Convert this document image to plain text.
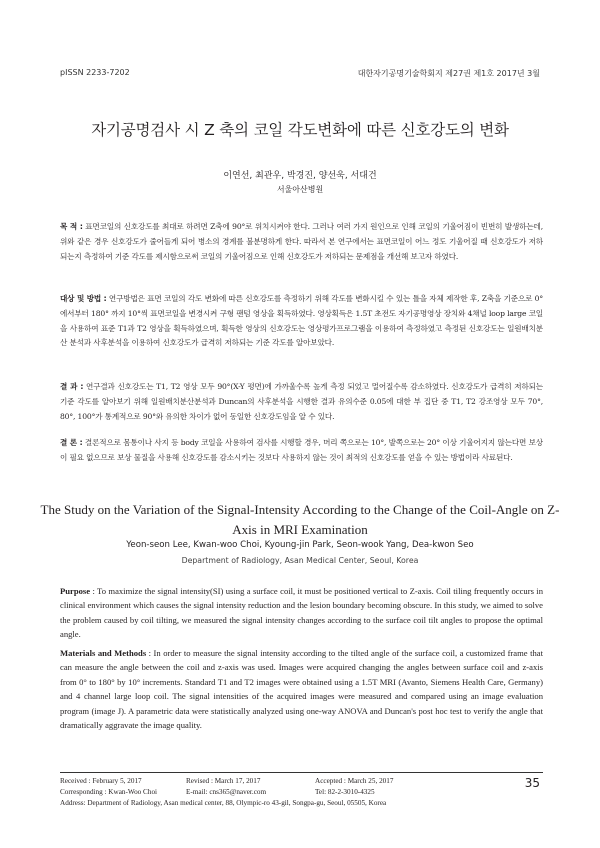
pISSN 2233-7202	대한자기공명기술학회지 제27권 제1호 2017년 3월
자기공명검사 시 Z 축의 코일 각도변화에 따른 신호강도의 변화
이연선, 최관우, 박경진, 양선욱, 서대건
서울아산병원
목 적 : 표면코일의 신호강도를 최대로 하려면 Z축에 90°로 위치시켜야 한다. 그러나 여러 가지 원인으로 인해 코일의 기울어짐이 빈번히 발생하는데, 위와 같은 경우 신호강도가 줄어들게 되어 병소의 경계를 불분명하게 한다. 따라서 본 연구에서는 표면코일이 어느 정도 기울어질 때 신호강도가 저하되는지 측정하여 기준 각도를 제시함으로써 코일의 기울어짐으로 인해 신호강도가 저하되는 문제점을 개선해 보고자 하였다.
대상 및 방법 : 연구방법은 표면 코일의 각도 변화에 따른 신호강도를 측정하기 위해 각도를 변화시킬 수 있는 틀을 자체 제작한 후, Z축을 기준으로 0°에서부터 180° 까지 10°씩 표면코일을 변경시켜 구형 팬텀 영상을 획득하였다. 영상획득은 1.5T 초전도 자기공명영상 장치와 4채널 loop large 코일을 사용하여 표준 T1과 T2 영상을 획득하였으며, 획득한 영상의 신호강도는 영상평가프로그램을 이용하여 측정하였고 측정된 신호강도는 일원배치분산 분석과 사후분석을 이용하여 신호강도가 급격히 저하되는 기준 각도를 알아보았다.
결 과 : 연구결과 신호강도는 T1, T2 영상 모두 90°(X-Y 평면)에 가까울수록 높게 측정 되었고 멀어질수록 감소하였다. 신호강도가 급격히 저하되는 기준 각도를 알아보기 위해 일원배치분산분석과 Duncan의 사후분석을 시행한 결과 유의수준 0.05에 대한 부 집단 중 T1, T2 강조영상 모두 70°, 80°, 100°가 통계적으로 90°와 유의한 차이가 없어 동일한 신호강도임을 알 수 있다.
결 론 : 결론적으로 몸통이나 사지 등 body 코일을 사용하여 검사를 시행할 경우, 머리 쪽으로는 10°, 발쪽으로는 20° 이상 기울어지지 않는다면 보상이 필요 없으므로 보상 물질을 사용해 신호강도를 감소시키는 것보다 사용하지 않는 것이 최적의 신호강도를 얻을 수 있는 방법이라 사료된다.
The Study on the Variation of the Signal-Intensity According to the Change of the Coil-Angle on Z-Axis in MRI Examination
Yeon-seon Lee, Kwan-woo Choi, Kyoung-jin Park, Seon-wook Yang, Dea-kwon Seo
Department of Radiology, Asan Medical Center, Seoul, Korea
Purpose : To maximize the signal intensity(SI) using a surface coil, it must be positioned vertical to Z-axis. Coil tiling frequently occurs in clinical environment which causes the signal intensity reduction and the lesion boundary becoming obscure. In this study, we aimed to solve the problem caused by coil tilting, we measured the signal intensity changes according to the surface coil tilt angles to propose the optimal angle.
Materials and Methods : In order to measure the signal intensity according to the tilted angle of the surface coil, a customized frame that can measure the angle between the coil and z-axis was used. Images were acquired changing the angles between surface coil and z-axis from 0° to 180° by 10° increments. Standard T1 and T2 images were obtained using a 1.5T MRI (Avanto, Siemens Health Care, Germany) and 4 channel large loop coil. The signal intensities of the acquired images were measured and compared using an image evaluation program (image J). A parametric data were statistically analyzed using one-way ANOVA and Duncan's post hoc test to verify the angle that dramatically aggravate the image quality.
Received : February 5, 2017	Revised : March 17, 2017	Accepted : March 25, 2017
Corresponding : Kwan-Woo Choi	E-mail: cns365@naver.com	Tel: 82-2-3010-4325
Address: Department of Radiology, Asan medical center, 88, Olympic-ro 43-gil, Songpa-gu, Seoul, 05505, Korea
35
